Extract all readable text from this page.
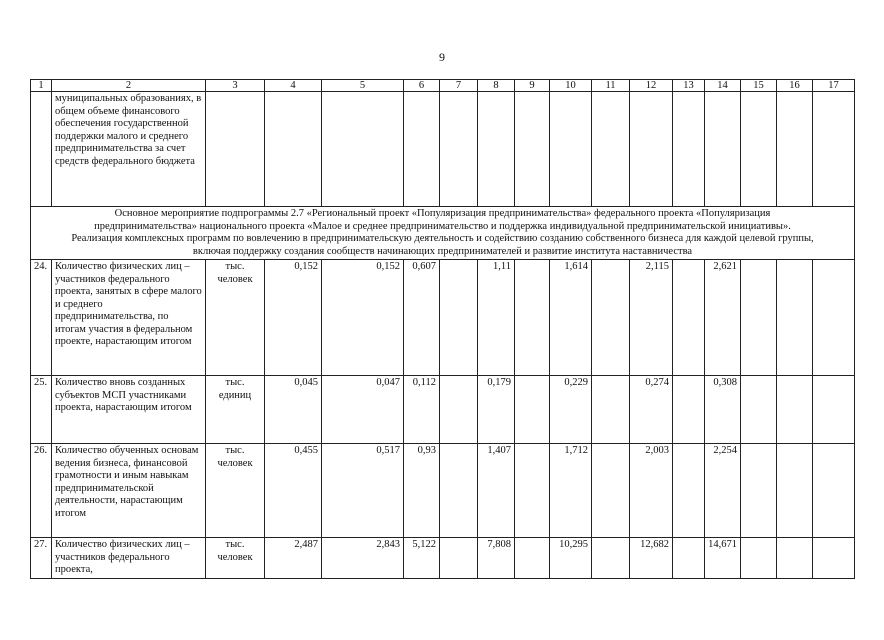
9
1	2	3	4	5	6	7	8	9	10	11	12	13	14	15	16	17
	муниципальных образованиях, в общем объеме финансового обеспечения государственной поддержки малого и среднего предпринимательства за счет средств федерального бюджета															

Основное мероприятие подпрограммы 2.7 «Региональный проект «Популяризация предпринимательства» федерального проекта «Популяризация
предпринимательства» национального проекта «Малое и среднее предпринимательство и поддержка индивидуальной предпринимательской инициативы».
Реализация комплексных программ по вовлечению в предпринимательскую деятельность и содействию созданию собственного бизнеса для каждой целевой группы,
включая поддержку создания сообществ начинающих предпринимателей и развитие института наставничества																

24.	Количество физических лиц – участников федерального проекта, занятых в сфере малого и среднего предпринимательства, по итогам участия в федеральном проекте, нарастающим итогом	тыс. человек	0,152	0,152	0,607		1,11		1,614		2,115		2,621			
25.	Количество вновь созданных субъектов МСП участниками проекта, нарастающим итогом	тыс. единиц	0,045	0,047	0,112		0,179		0,229		0,274		0,308			
26.	Количество обученных основам ведения бизнеса, финансовой грамотности и иным навыкам предпринимательской деятельности, нарастающим итогом	тыс. человек	0,455	0,517	0,93		1,407		1,712		2,003		2,254			
27.	Количество физических лиц – участников федерального проекта,	тыс. человек	2,487	2,843	5,122		7,808		10,295		12,682		14,671			
